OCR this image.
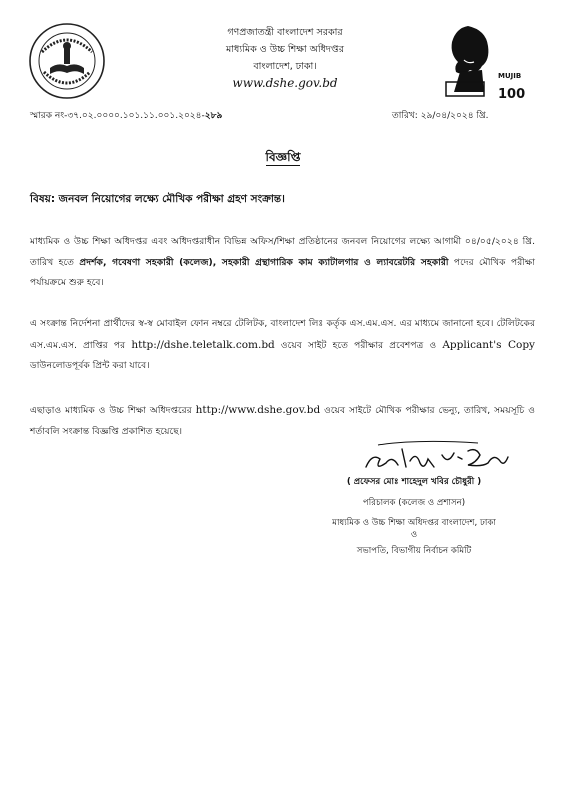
গণপ্রজাতন্ত্রী বাংলাদেশ সরকার
মাধ্যমিক ও উচ্চ শিক্ষা অধিদপ্তর
বাংলাদেশ, ঢাকা।
www.dshe.gov.bd	MUJIB
100
স্মারক নং-৩৭.০২.০০০০.১০১.১১.০০১.২০২৪-২৮৯	তারিখ: ২৯/০৪/২০২৪ খ্রি.
বিজ্ঞপ্তি
বিষয়: জনবল নিয়োগের লক্ষ্যে মৌখিক পরীক্ষা গ্রহণ সংক্রান্ত।
মাধ্যমিক ও উচ্চ শিক্ষা অধিদপ্তর এবং অধিদপ্তরাধীন বিভিন্ন অফিস/শিক্ষা প্রতিষ্ঠানের জনবল নিয়োগের লক্ষ্যে আগামী ০৪/০৫/২০২৪ খ্রি. তারিখ হতে প্রদর্শক, গবেষণা সহকারী (কলেজ), সহকারী গ্রন্থাগারিক কাম ক্যাটালগার ও ল্যাবরেটরি সহকারী পদের মৌখিক পরীক্ষা পর্যায়ক্রমে শুরু হবে।
এ সংক্রান্ত নির্দেশনা প্রার্থীদের স্ব-স্ব মোবাইল ফোন নম্বরে টেলিটক, বাংলাদেশ লিঃ কর্তৃক এস.এম.এস. এর মাধ্যমে জানানো হবে। টেলিটকের এস.এম.এস. প্রাপ্তির পর http://dshe.teletalk.com.bd ওয়েব সাইট হতে পরীক্ষার প্রবেশপত্র ও Applicant's Copy ডাউনলোডপূর্বক প্রিন্ট করা যাবে।
এছাড়াও মাধ্যমিক ও উচ্চ শিক্ষা অধিদপ্তরের http://www.dshe.gov.bd ওয়েব সাইটে মৌখিক পরীক্ষার ভেন্যু, তারিখ, সময়সূচি ও শর্তাবলি সংক্রান্ত বিজ্ঞপ্তি প্রকাশিত হয়েছে।
( প্রফেসর মোঃ শাহেদুল খবির চৌধুরী )
পরিচালক (কলেজ ও প্রশাসন)
মাধ্যমিক ও উচ্চ শিক্ষা অধিদপ্তর বাংলাদেশ, ঢাকা
ও
সভাপতি, বিভাগীয় নির্বাচন কমিটি
